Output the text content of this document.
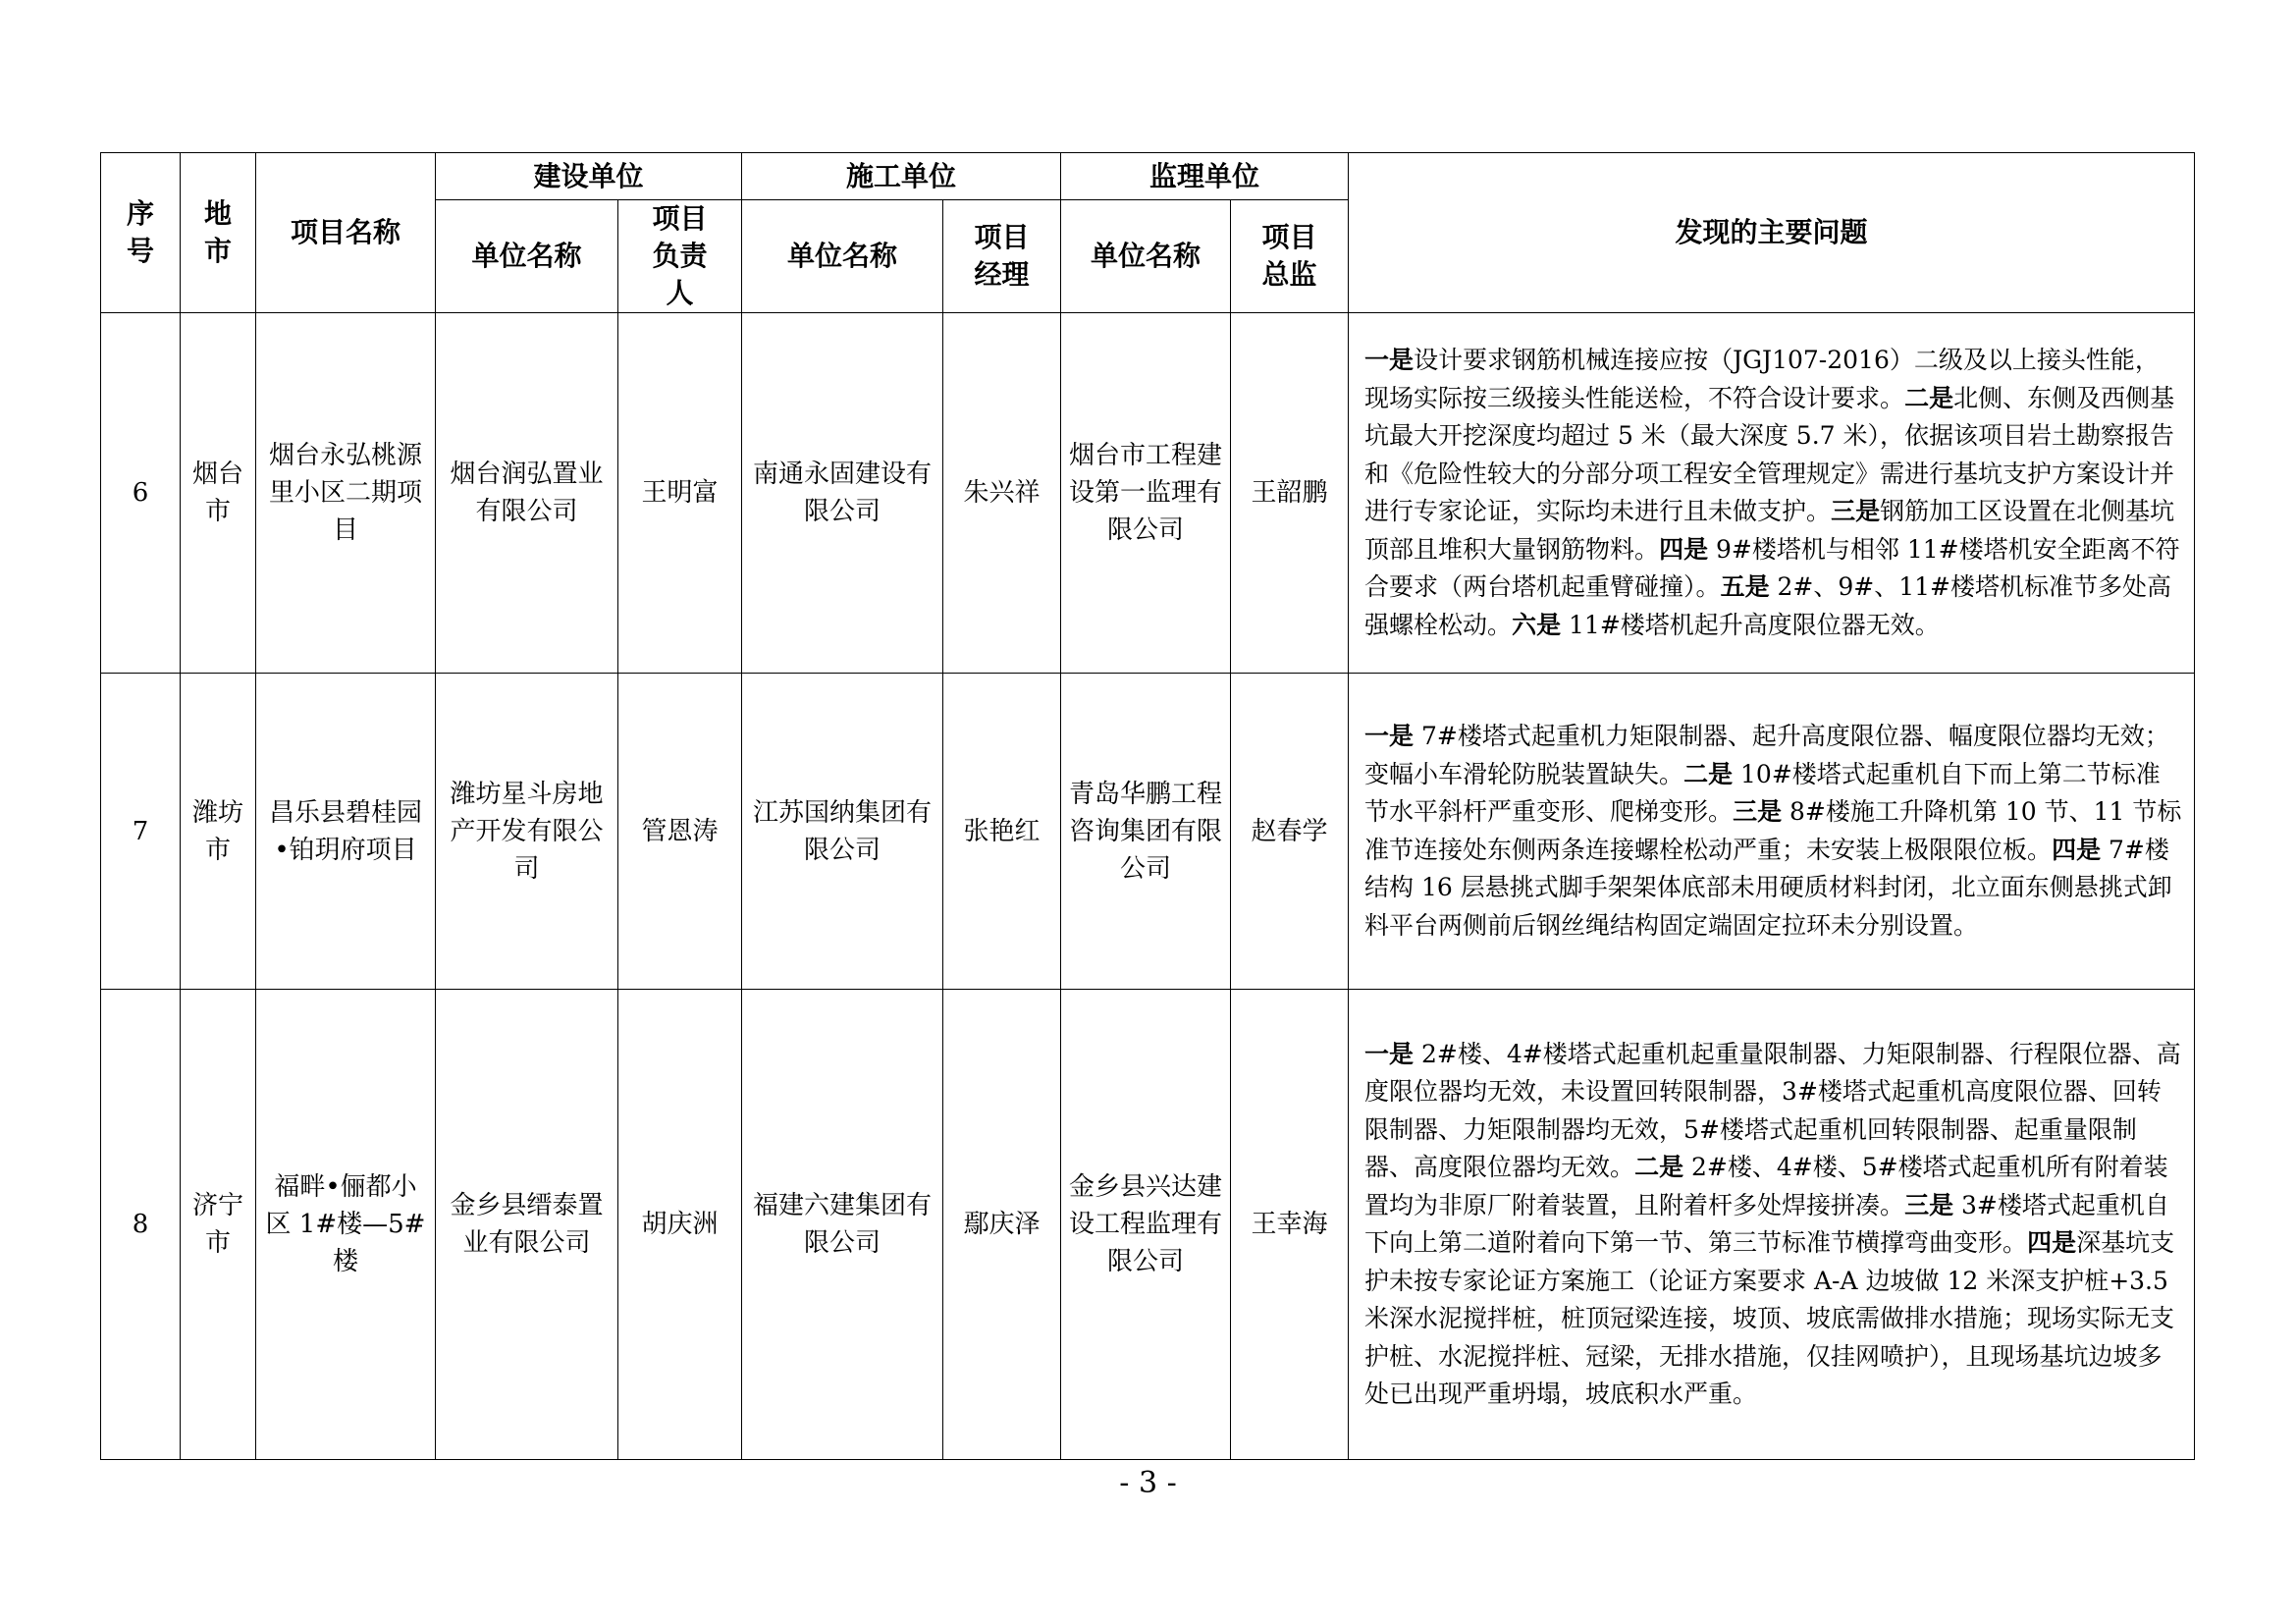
序号	地市	项目名称	建设单位		施工单位		监理单位		发现的主要问题
			单位名称	项目负责人	单位名称	项目经理	单位名称	项目总监	
6	烟台市	烟台永弘桃源里小区二期项目	烟台润弘置业有限公司	王明富	南通永固建设有限公司	朱兴祥	烟台市工程建设第一监理有限公司	王韶鹏	一是设计要求钢筋机械连接应按（JGJ107-2016）二级及以上接头性能，现场实际按三级接头性能送检，不符合设计要求。二是北侧、东侧及西侧基坑最大开挖深度均超过 5 米（最大深度 5.7 米），依据该项目岩土勘察报告和《危险性较大的分部分项工程安全管理规定》需进行基坑支护方案设计并进行专家论证，实际均未进行且未做支护。三是钢筋加工区设置在北侧基坑顶部且堆积大量钢筋物料。四是 9#楼塔机与相邻 11#楼塔机安全距离不符合要求（两台塔机起重臂碰撞）。五是 2#、9#、11#楼塔机标准节多处高强螺栓松动。六是 11#楼塔机起升高度限位器无效。
7	潍坊市	昌乐县碧桂园•铂玥府项目	潍坊星斗房地产开发有限公司	管恩涛	江苏国纳集团有限公司	张艳红	青岛华鹏工程咨询集团有限公司	赵春学	一是 7#楼塔式起重机力矩限制器、起升高度限位器、幅度限位器均无效；变幅小车滑轮防脱装置缺失。二是 10#楼塔式起重机自下而上第二节标准节水平斜杆严重变形、爬梯变形。三是 8#楼施工升降机第 10 节、11 节标准节连接处东侧两条连接螺栓松动严重；未安装上极限限位板。四是 7#楼结构 16 层悬挑式脚手架架体底部未用硬质材料封闭，北立面东侧悬挑式卸料平台两侧前后钢丝绳结构固定端固定拉环未分别设置。
8	济宁市	福畔•俪都小区 1#楼—5#楼	金乡县缙泰置业有限公司	胡庆洲	福建六建集团有限公司	鄢庆泽	金乡县兴达建设工程监理有限公司	王幸海	一是 2#楼、4#楼塔式起重机起重量限制器、力矩限制器、行程限位器、高度限位器均无效，未设置回转限制器，3#楼塔式起重机高度限位器、回转限制器、力矩限制器均无效，5#楼塔式起重机回转限制器、起重量限制器、高度限位器均无效。二是 2#楼、4#楼、5#楼塔式起重机所有附着装置均为非原厂附着装置，且附着杆多处焊接拼凑。三是 3#楼塔式起重机自下向上第二道附着向下第一节、第三节标准节横撑弯曲变形。四是深基坑支护未按专家论证方案施工（论证方案要求 A-A 边坡做 12 米深支护桩+3.5 米深水泥搅拌桩，桩顶冠梁连接，坡顶、坡底需做排水措施；现场实际无支护桩、水泥搅拌桩、冠梁，无排水措施，仅挂网喷护），且现场基坑边坡多处已出现严重坍塌，坡底积水严重。
- 3 -
